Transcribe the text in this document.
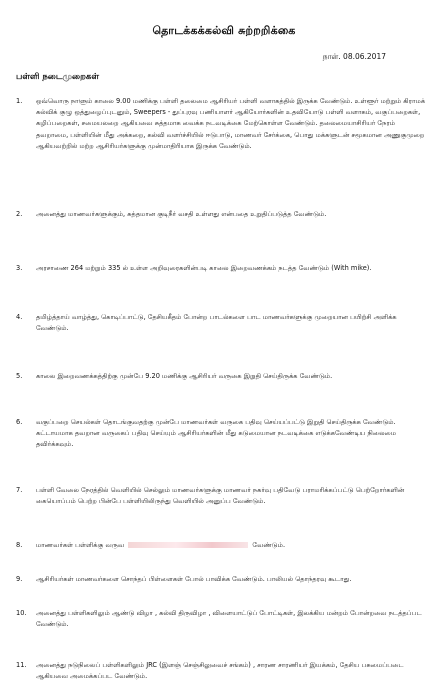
தொடக்கக்கல்வி சுற்றறிக்கை
நாள். 08.06.2017
பள்ளி நடைமுறைகள்
1.	ஒவ்வொரு நாளும் காலை 9.00 மணிக்கு பள்ளி தலைமை ஆசிரியர் பள்ளி வளாகத்தில் இருக்க வேண்டும். உள்ளூர் மற்றும் கிராமக் கல்விக் குழு ஒத்துழைப்புடனும், Sweepers - துப்புரவு பணியாளர் ஆகியோர்களின் உதவியோடு பள்ளி வளாகம், வகுப்பறைகள், கழிப்பறைகள், சமையலறை ஆகியவை சுத்தமாக வைக்க நடவடிக்கை மேற்கொள்ள வேண்டும். தலைமையாசிரியர் நேரம் தவறாமை, பள்ளியின் மீது அக்கறை, கல்வி வளர்ச்சியில் ஈடுபாடு, மாணவர் சேர்க்கை, பொது மக்களுடன் சமூகமான அணுகுமுறை ஆகியவற்றில் மற்ற ஆசிரியர்களுக்கு முன்மாதிரியாக இருக்க வேண்டும்.
2.	அனைத்து மாணவர்களுக்கும், சுத்தமான குடிநீர் வசதி உள்ளது என்பதை உறுதிப்படுத்த வேண்டும்.
3.	அரசாணை 264 மற்றும் 335 ல் உள்ள அறிவுரைகளின்படி காலை இறைவணக்கம் நடத்த வேண்டும் (With mike).
4.	தமிழ்த்தாய் வாழ்த்து, கொடிப்பாட்டு, தேசியகீதம் போன்ற பாடல்களை பாட மாணவர்களுக்கு முறையான பயிற்சி அளிக்க வேண்டும்.
5.	காலை இறைவணக்கத்திற்கு முன்பே 9.20 மணிக்கு ஆசிரியர் வருகை இறுதி செய்திருக்க வேண்டும்.
6.	வகுப்பறை செயல்கள் தொடங்குவதற்கு முன்பே மாணவர்கள் வருகை பதிவு செய்யப்பட்டு இறுதி செய்திருக்க வேண்டும். கட்டாயமாக தவறான வருகைப் பதிவு செய்யும் ஆசிரியர்களின் மீது கடுமையான நடவடிக்கை எடுக்கவேண்டிய நிலைமை தவிர்க்கவும்.
7.	பள்ளி வேலை நேரத்தில் வெளியில் செல்லும் மாணவர்களுக்கு மாணவர் நகர்வு பதிவேடு பராமரிக்கப்பட்டு பெற்றோர்களின் கையொப்பம் பெற்ற பின்பே பள்ளியிலிருந்து வெளியில் அனுப்ப வேண்டும்.
8.	மாணவர்கள் பள்ளிக்கு வருவ	வேண்டும்.
9.	ஆசிரியர்கள் மாணவர்களை சொந்தப் பிள்ளைகள் போல் பாவிக்க வேண்டும். பாலியல் தொந்தரவு கூடாது.
10.	அனைத்து பள்ளிகளிலும் ஆண்டு விழா , கல்வி திருவிழா , விளையாட்டுப் போட்டிகள், இலக்கிய மன்றம் போன்றவை நடத்தப்பட வேண்டும்.
11.	அனைத்து நடுநிலைப் பள்ளிகளிலும் JRC (இளஞ் செஞ்சிலுவைச் சங்கம்) , சாரண சாரணியர் இயக்கம், தேசிய பசுமைப்படை ஆகியவை அமைக்கப்பட வேண்டும்.
